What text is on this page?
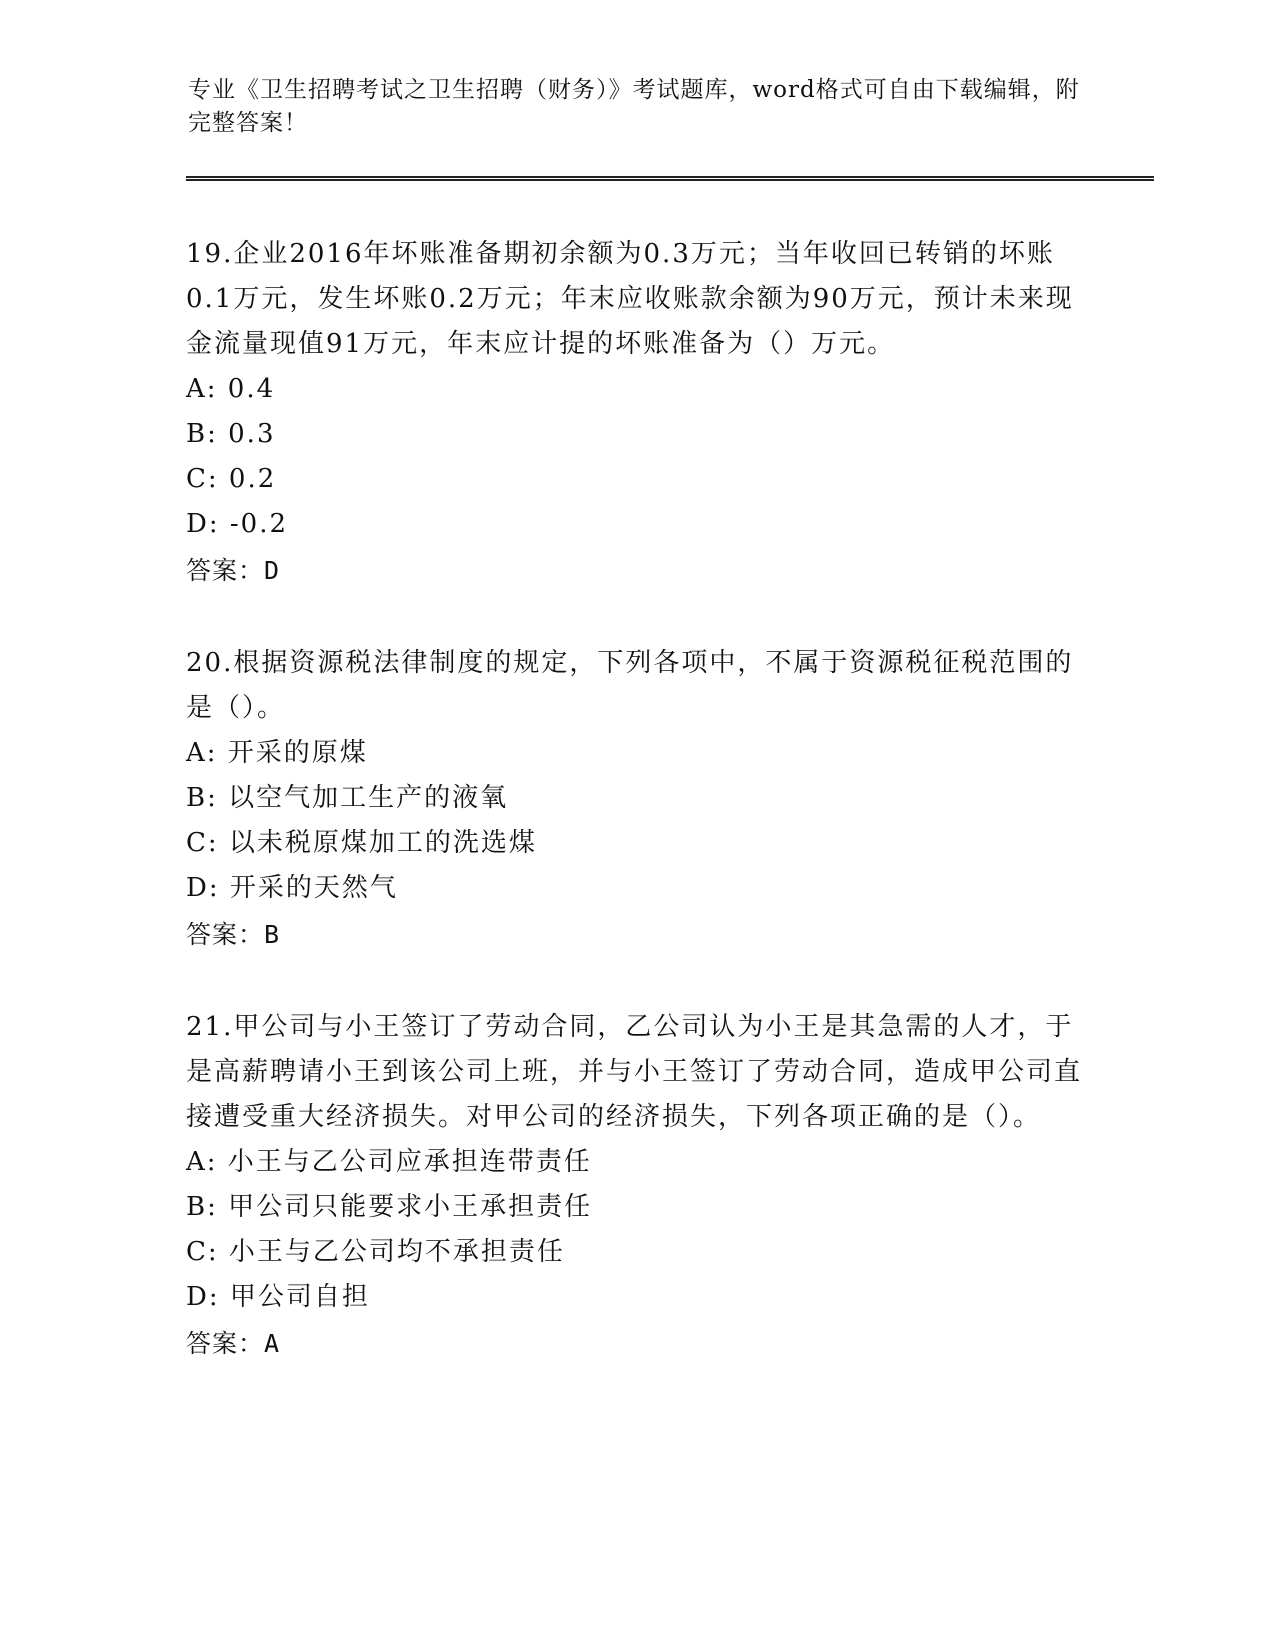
专业《卫生招聘考试之卫生招聘（财务）》考试题库，word格式可自由下载编辑，附完整答案！
19.企业2016年坏账准备期初余额为0.3万元；当年收回已转销的坏账0.1万元，发生坏账0.2万元；年末应收账款余额为90万元，预计未来现金流量现值91万元，年末应计提的坏账准备为（）万元。
A: 0.4
B: 0.3
C: 0.2
D: -0.2
答案：D
20.根据资源税法律制度的规定，下列各项中，不属于资源税征税范围的是（）。
A: 开采的原煤
B: 以空气加工生产的液氧
C: 以未税原煤加工的洗选煤
D: 开采的天然气
答案：B
21.甲公司与小王签订了劳动合同，乙公司认为小王是其急需的人才，于是高薪聘请小王到该公司上班，并与小王签订了劳动合同，造成甲公司直接遭受重大经济损失。对甲公司的经济损失，下列各项正确的是（）。
A: 小王与乙公司应承担连带责任
B: 甲公司只能要求小王承担责任
C: 小王与乙公司均不承担责任
D: 甲公司自担
答案：A
